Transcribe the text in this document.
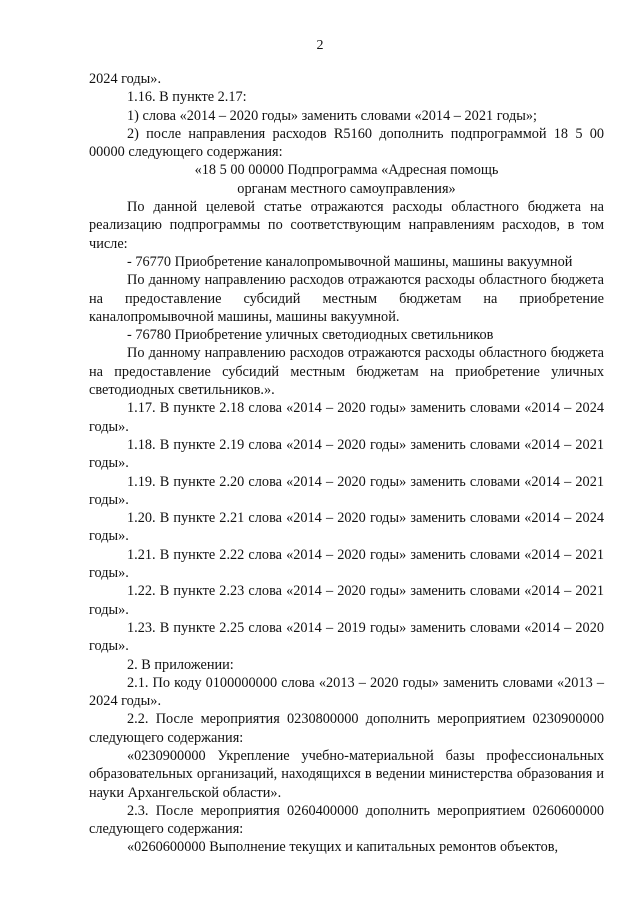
2

2024 годы».

1.16. В пункте 2.17:

1) слова «2014 – 2020 годы» заменить словами «2014 – 2021 годы»;

2) после направления расходов R5160 дополнить подпрограммой 18 5 00 00000 следующего содержания:

«18 5 00 00000 Подпрограмма «Адресная помощь

органам местного самоуправления»

По данной целевой статье отражаются расходы областного бюджета на реализацию подпрограммы по соответствующим направлениям расходов, в том числе:

- 76770 Приобретение каналопромывочной машины, машины вакуумной

По данному направлению расходов отражаются расходы областного бюджета на предоставление субсидий местным бюджетам на приобретение каналопромывочной машины, машины вакуумной.

- 76780 Приобретение уличных светодиодных светильников

По данному направлению расходов отражаются расходы областного бюджета на предоставление субсидий местным бюджетам на приобретение уличных светодиодных светильников.».

1.17. В пункте 2.18 слова «2014 – 2020 годы» заменить словами «2014 – 2024 годы».

1.18. В пункте 2.19 слова «2014 – 2020 годы» заменить словами «2014 – 2021 годы».

1.19. В пункте 2.20 слова «2014 – 2020 годы» заменить словами «2014 – 2021 годы».

1.20. В пункте 2.21 слова «2014 – 2020 годы» заменить словами «2014 – 2024 годы».

1.21. В пункте 2.22 слова «2014 – 2020 годы» заменить словами «2014 – 2021 годы».

1.22. В пункте 2.23 слова «2014 – 2020 годы» заменить словами «2014 – 2021 годы».

1.23. В пункте 2.25 слова «2014 – 2019 годы» заменить словами «2014 – 2020 годы».

2. В приложении:

2.1. По коду 0100000000 слова «2013 – 2020 годы» заменить словами «2013 – 2024 годы».

2.2. После мероприятия 0230800000 дополнить мероприятием 0230900000 следующего содержания:

«0230900000 Укрепление учебно-материальной базы профессиональных образовательных организаций, находящихся в ведении министерства образования и науки Архангельской области».

2.3. После мероприятия 0260400000 дополнить мероприятием 0260600000 следующего содержания:

«0260600000 Выполнение текущих и капитальных ремонтов объектов,
